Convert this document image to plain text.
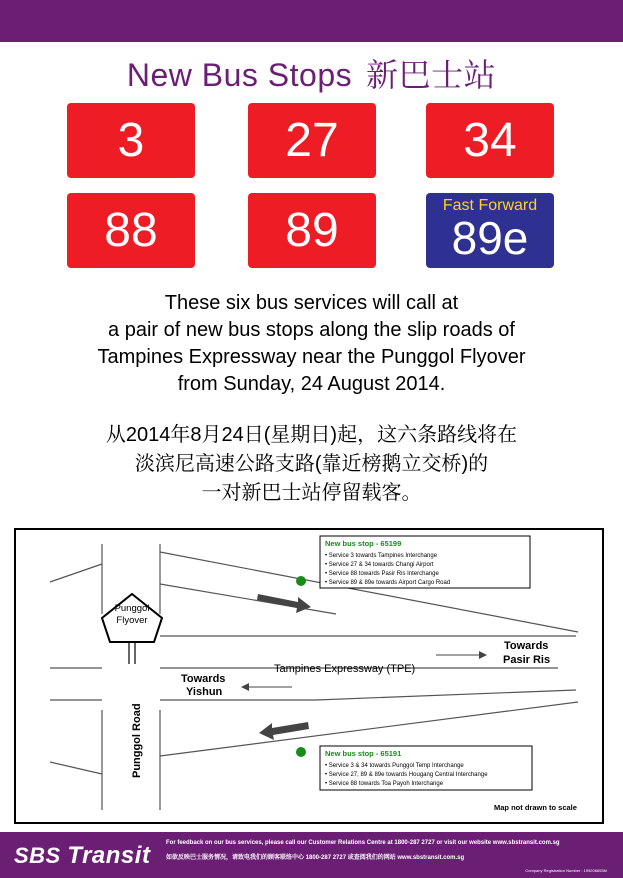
New Bus Stops 新巴士站
3	27	34
88	89	Fast Forward
89e
These six bus services will call at
a pair of new bus stops along the slip roads of
Tampines Expressway near the Punggol Flyover
from Sunday, 24 August 2014.
从2014年8月24日(星期日)起，这六条路线将在
淡滨尼高速公路支路(靠近榜鹅立交桥)的
一对新巴士站停留载客。
Punggol
Flyover
Punggol Road
Tampines Expressway (TPE)
Towards
Pasir Ris
Towards
Yishun
New bus stop - 65199
• Service 3 towards Tampines Interchange
• Service 27 & 34 towards Changi Airport
• Service 88 towards Pasir Ris Interchange
• Service 89 & 89e towards Airport Cargo Road
New bus stop - 65191
• Service 3 & 34 towards Punggol Temp Interchange
• Service 27, 89 & 89e towards Hougang Central Interchange
• Service 88 towards Toa Payoh Interchange
Map not drawn to scale
SBS Transit	For feedback on our bus services, please call our Customer Relations Centre at 1800-287 2727 or visit our website www.sbstransit.com.sg
如欲反映巴士服务情况，请致电我们的顾客联络中心 1800-287 2727 或查阅我们的网站 www.sbstransit.com.sg
Company Registration Number : 199206653M
